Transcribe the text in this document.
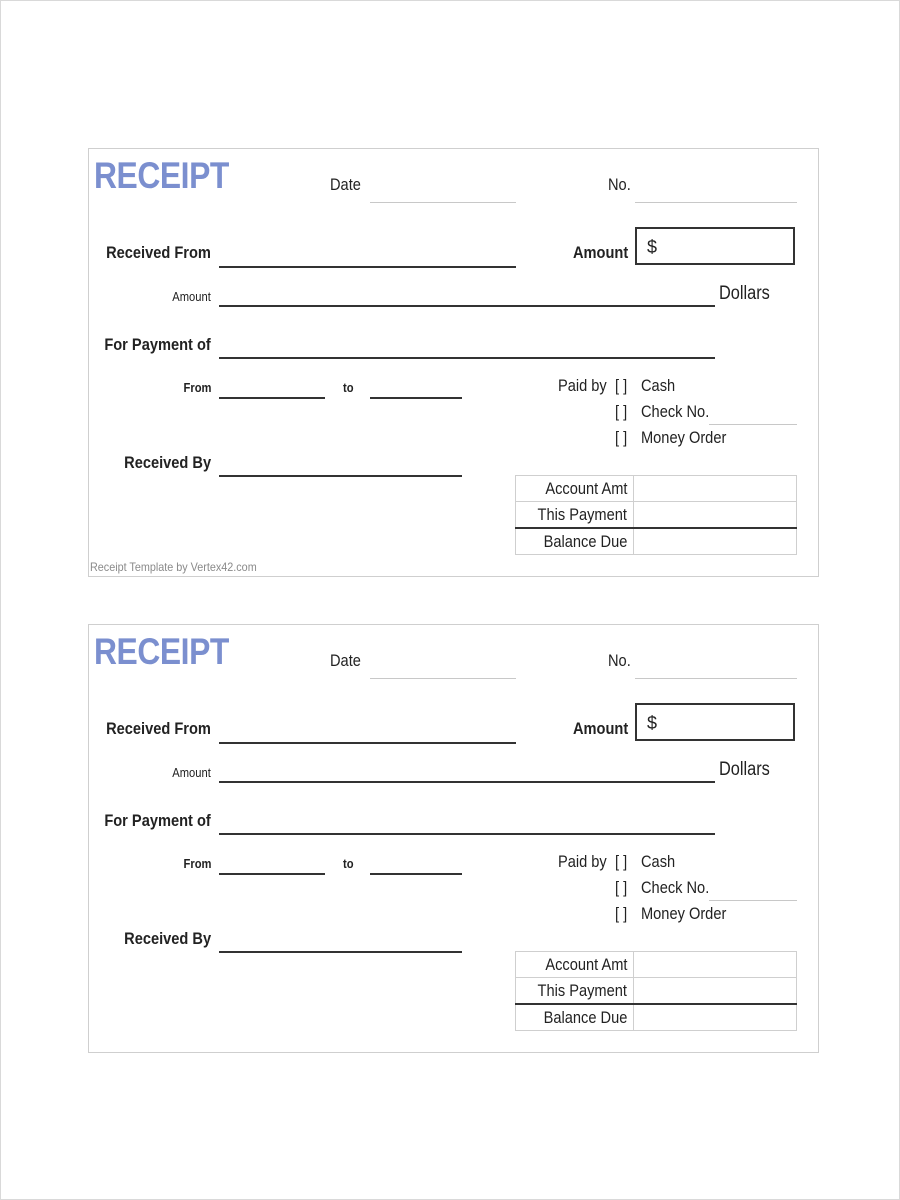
RECEIPT	Date	No.
Received From	Amount $
Amount	Dollars
For Payment of
From	to	Paid by [ ] Cash
[ ] Check No.
[ ] Money Order
Received By
Account Amt	
This Payment	
Balance Due	
Receipt Template by Vertex42.com
RECEIPT	Date	No.
Received From	Amount $
Amount	Dollars
For Payment of
From	to	Paid by [ ] Cash
[ ] Check No.
[ ] Money Order
Received By
Account Amt	
This Payment	
Balance Due	
